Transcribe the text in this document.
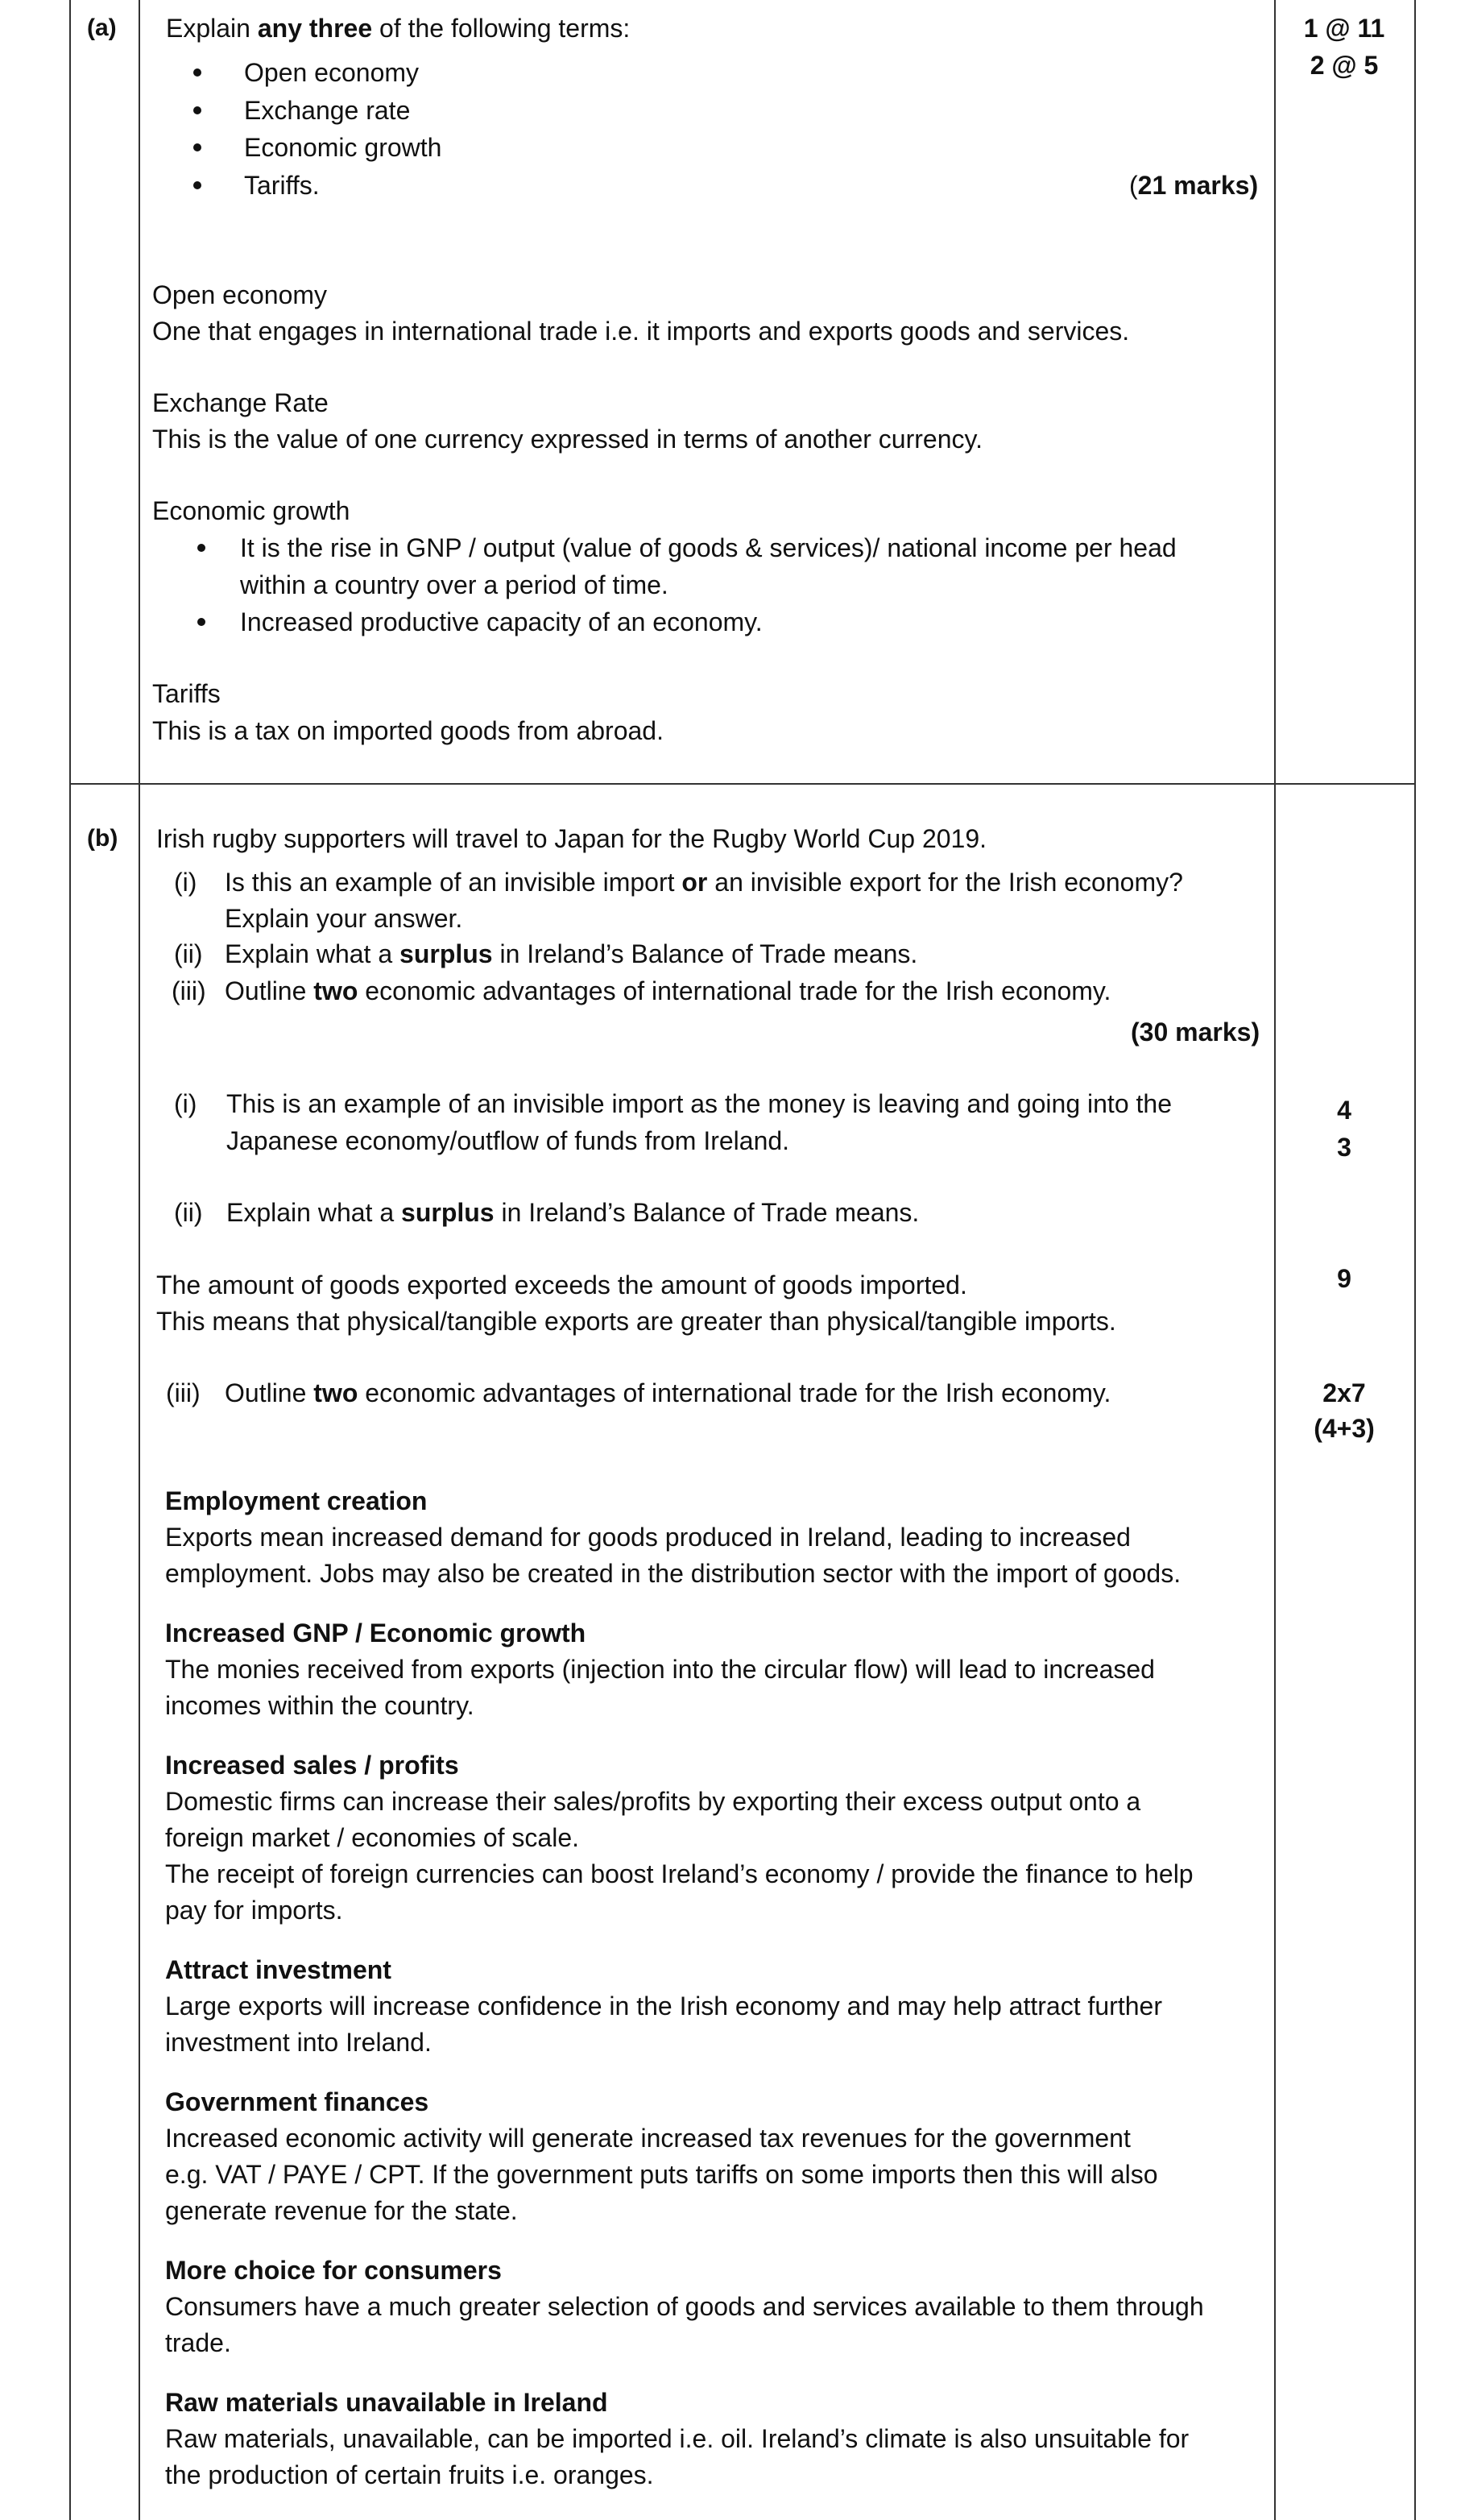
(a) Explain any three of the following terms:
Open economy
Exchange rate
Economic growth
Tariffs.	(21 marks)
1 @ 11
2 @ 5
Open economy
One that engages in international trade i.e. it imports and exports goods and services.
Exchange Rate
This is the value of one currency expressed in terms of another currency.
Economic growth
It is the rise in GNP / output (value of goods & services)/ national income per head
within a country over a period of time.
Increased productive capacity of an economy.
Tariffs
This is a tax on imported goods from abroad.
(b) Irish rugby supporters will travel to Japan for the Rugby World Cup 2019.
(i) Is this an example of an invisible import or an invisible export for the Irish economy?
Explain your answer.
(ii) Explain what a surplus in Ireland’s Balance of Trade means.
(iii) Outline two economic advantages of international trade for the Irish economy.
(30 marks)
(i) This is an example of an invisible import as the money is leaving and going into the
Japanese economy/outflow of funds from Ireland.
4
3
(ii) Explain what a surplus in Ireland’s Balance of Trade means.
The amount of goods exported exceeds the amount of goods imported.
This means that physical/tangible exports are greater than physical/tangible imports.
9
(iii) Outline two economic advantages of international trade for the Irish economy.	2x7
(4+3)
Employment creation
Exports mean increased demand for goods produced in Ireland, leading to increased
employment. Jobs may also be created in the distribution sector with the import of goods.
Increased GNP / Economic growth
The monies received from exports (injection into the circular flow) will lead to increased
incomes within the country.
Increased sales / profits
Domestic firms can increase their sales/profits by exporting their excess output onto a
foreign market / economies of scale.
The receipt of foreign currencies can boost Ireland’s economy / provide the finance to help
pay for imports.
Attract investment
Large exports will increase confidence in the Irish economy and may help attract further
investment into Ireland.
Government finances
Increased economic activity will generate increased tax revenues for the government
e.g. VAT / PAYE / CPT. If the government puts tariffs on some imports then this will also
generate revenue for the state.
More choice for consumers
Consumers have a much greater selection of goods and services available to them through
trade.
Raw materials unavailable in Ireland
Raw materials, unavailable, can be imported i.e. oil. Ireland’s climate is also unsuitable for
the production of certain fruits i.e. oranges.
